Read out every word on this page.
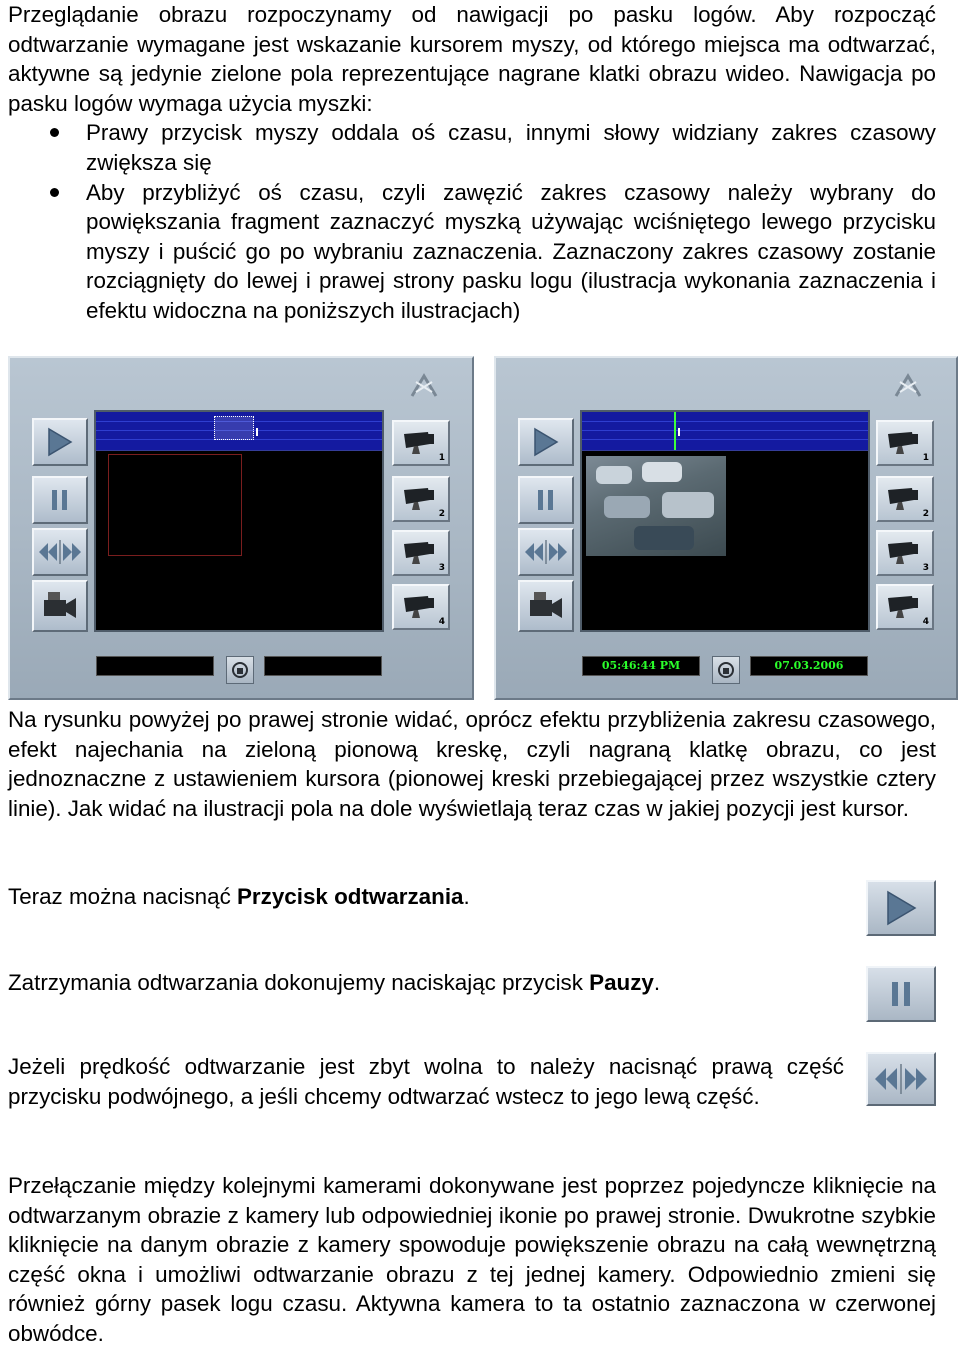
Przeglądanie obrazu rozpoczynamy od nawigacji po pasku logów. Aby rozpocząć odtwarzanie wymagane jest wskazanie kursorem myszy, od którego miejsca ma odtwarzać, aktywne są jedynie zielone pola reprezentujące nagrane klatki obrazu wideo. Nawigacja po pasku logów wymaga użycia myszki:

Prawy przycisk myszy oddala oś czasu, innymi słowy widziany zakres czasowy zwiększa się
Aby przybliżyć oś czasu, czyli zawęzić zakres czasowy należy wybrany do powiększania fragment zaznaczyć myszką używając wciśniętego lewego przycisku myszy i puścić go po wybraniu zaznaczenia. Zaznaczony zakres czasowy zostanie rozciągnięty do lewej i prawej strony pasku logu (ilustracja wykonania zaznaczenia i efektu widoczna na poniższych ilustracjach)
1
2
3
4
1
2
3
4
05:46:44 PM	07.03.2006

Na rysunku powyżej po prawej stronie widać, oprócz efektu przybliżenia zakresu czasowego, efekt najechania na zieloną pionową kreskę, czyli nagraną klatkę obrazu, co jest jednoznaczne z ustawieniem kursora (pionowej kreski przebiegającej przez wszystkie cztery linie). Jak widać na ilustracji pola na dole wyświetlają teraz czas w jakiej pozycji jest kursor.

Teraz można nacisnąć Przycisk odtwarzania.

Zatrzymania odtwarzania dokonujemy naciskając przycisk Pauzy.

Jeżeli prędkość odtwarzanie jest zbyt wolna to należy nacisnąć prawą część przycisku podwójnego, a jeśli chcemy odtwarzać wstecz to jego lewą część.

Przełączanie między kolejnymi kamerami dokonywane jest poprzez pojedyncze kliknięcie na odtwarzanym obrazie z kamery lub odpowiedniej ikonie po prawej stronie. Dwukrotne szybkie kliknięcie na danym obrazie z kamery spowoduje powiększenie obrazu na całą wewnętrzną część okna i umożliwi odtwarzanie obrazu z tej jednej kamery. Odpowiednio zmieni się również górny pasek logu czasu. Aktywna kamera to ta ostatnio zaznaczona w czerwonej obwódce.
